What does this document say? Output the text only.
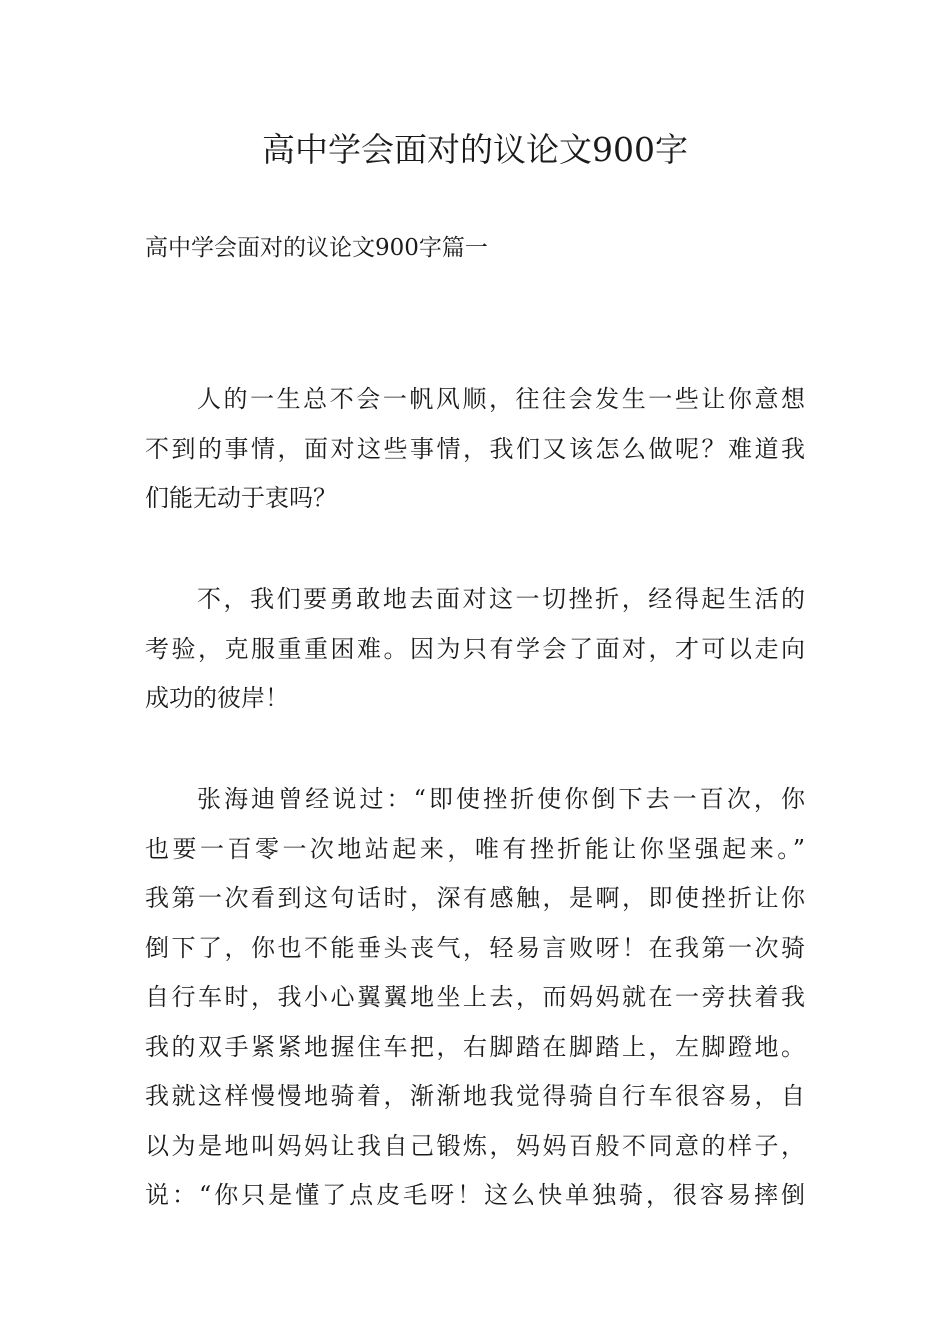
高中学会面对的议论文900字

高中学会面对的议论文900字篇一

人的一生总不会一帆风顺，往往会发生一些让你意想
不到的事情，面对这些事情，我们又该怎么做呢？难道我
们能无动于衷吗？
不，我们要勇敢地去面对这一切挫折，经得起生活的
考验，克服重重困难。因为只有学会了面对，才可以走向
成功的彼岸！
张海迪曾经说过：“即使挫折使你倒下去一百次，你
也要一百零一次地站起来，唯有挫折能让你坚强起来。”
我第一次看到这句话时，深有感触，是啊，即使挫折让你
倒下了，你也不能垂头丧气，轻易言败呀！在我第一次骑
自行车时，我小心翼翼地坐上去，而妈妈就在一旁扶着我
我的双手紧紧地握住车把，右脚踏在脚踏上，左脚蹬地。
我就这样慢慢地骑着，渐渐地我觉得骑自行车很容易，自
以为是地叫妈妈让我自己锻炼，妈妈百般不同意的样子，
说：“你只是懂了点皮毛呀！这么快单独骑，很容易摔倒
